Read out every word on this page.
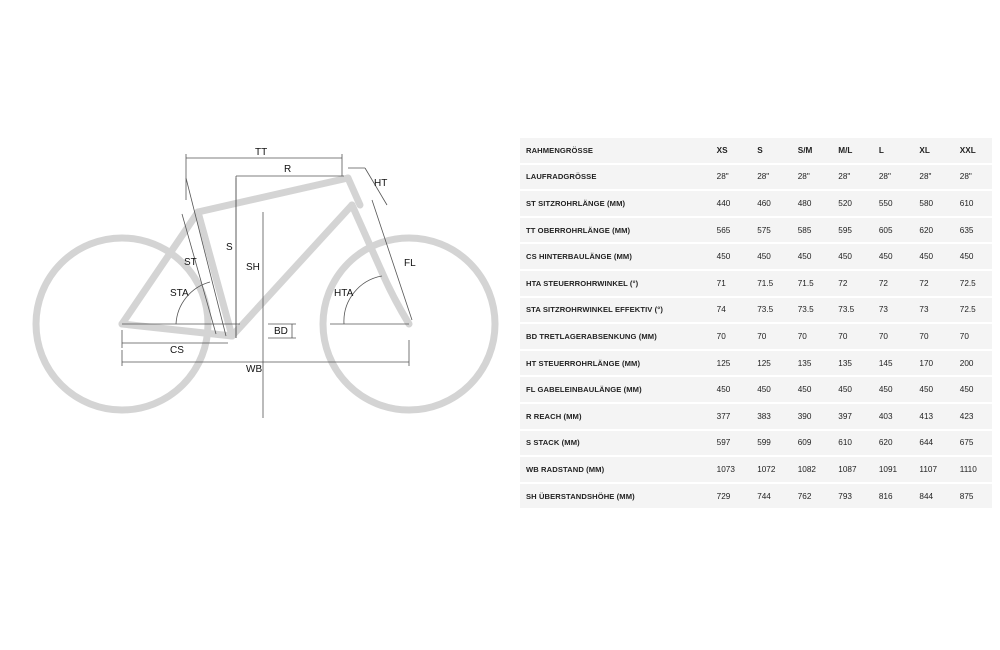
TT
R
HT
ST
S
SH	FL
STA	HTA
BD
CS
WB
RAHMENGRÖSSE	XS	S	S/M	M/L	L	XL	XXL
LAUFRADGRÖSSE	28"	28"	28"	28"	28"	28"	28"
ST SITZROHRLÄNGE (MM)	440	460	480	520	550	580	610
TT OBERROHRLÄNGE (MM)	565	575	585	595	605	620	635
CS HINTERBAULÄNGE (MM)	450	450	450	450	450	450	450
HTA STEUERROHRWINKEL (°)	71	71.5	71.5	72	72	72	72.5
STA SITZROHRWINKEL EFFEKTIV (°)	74	73.5	73.5	73.5	73	73	72.5
BD TRETLAGERABSENKUNG (MM)	70	70	70	70	70	70	70
HT STEUERROHRLÄNGE (MM)	125	125	135	135	145	170	200
FL GABELEINBAULÄNGE (MM)	450	450	450	450	450	450	450
R REACH (MM)	377	383	390	397	403	413	423
S STACK (MM)	597	599	609	610	620	644	675
WB RADSTAND (MM)	1073	1072	1082	1087	1091	1107	1110
SH ÜBERSTANDSHÖHE (MM)	729	744	762	793	816	844	875
